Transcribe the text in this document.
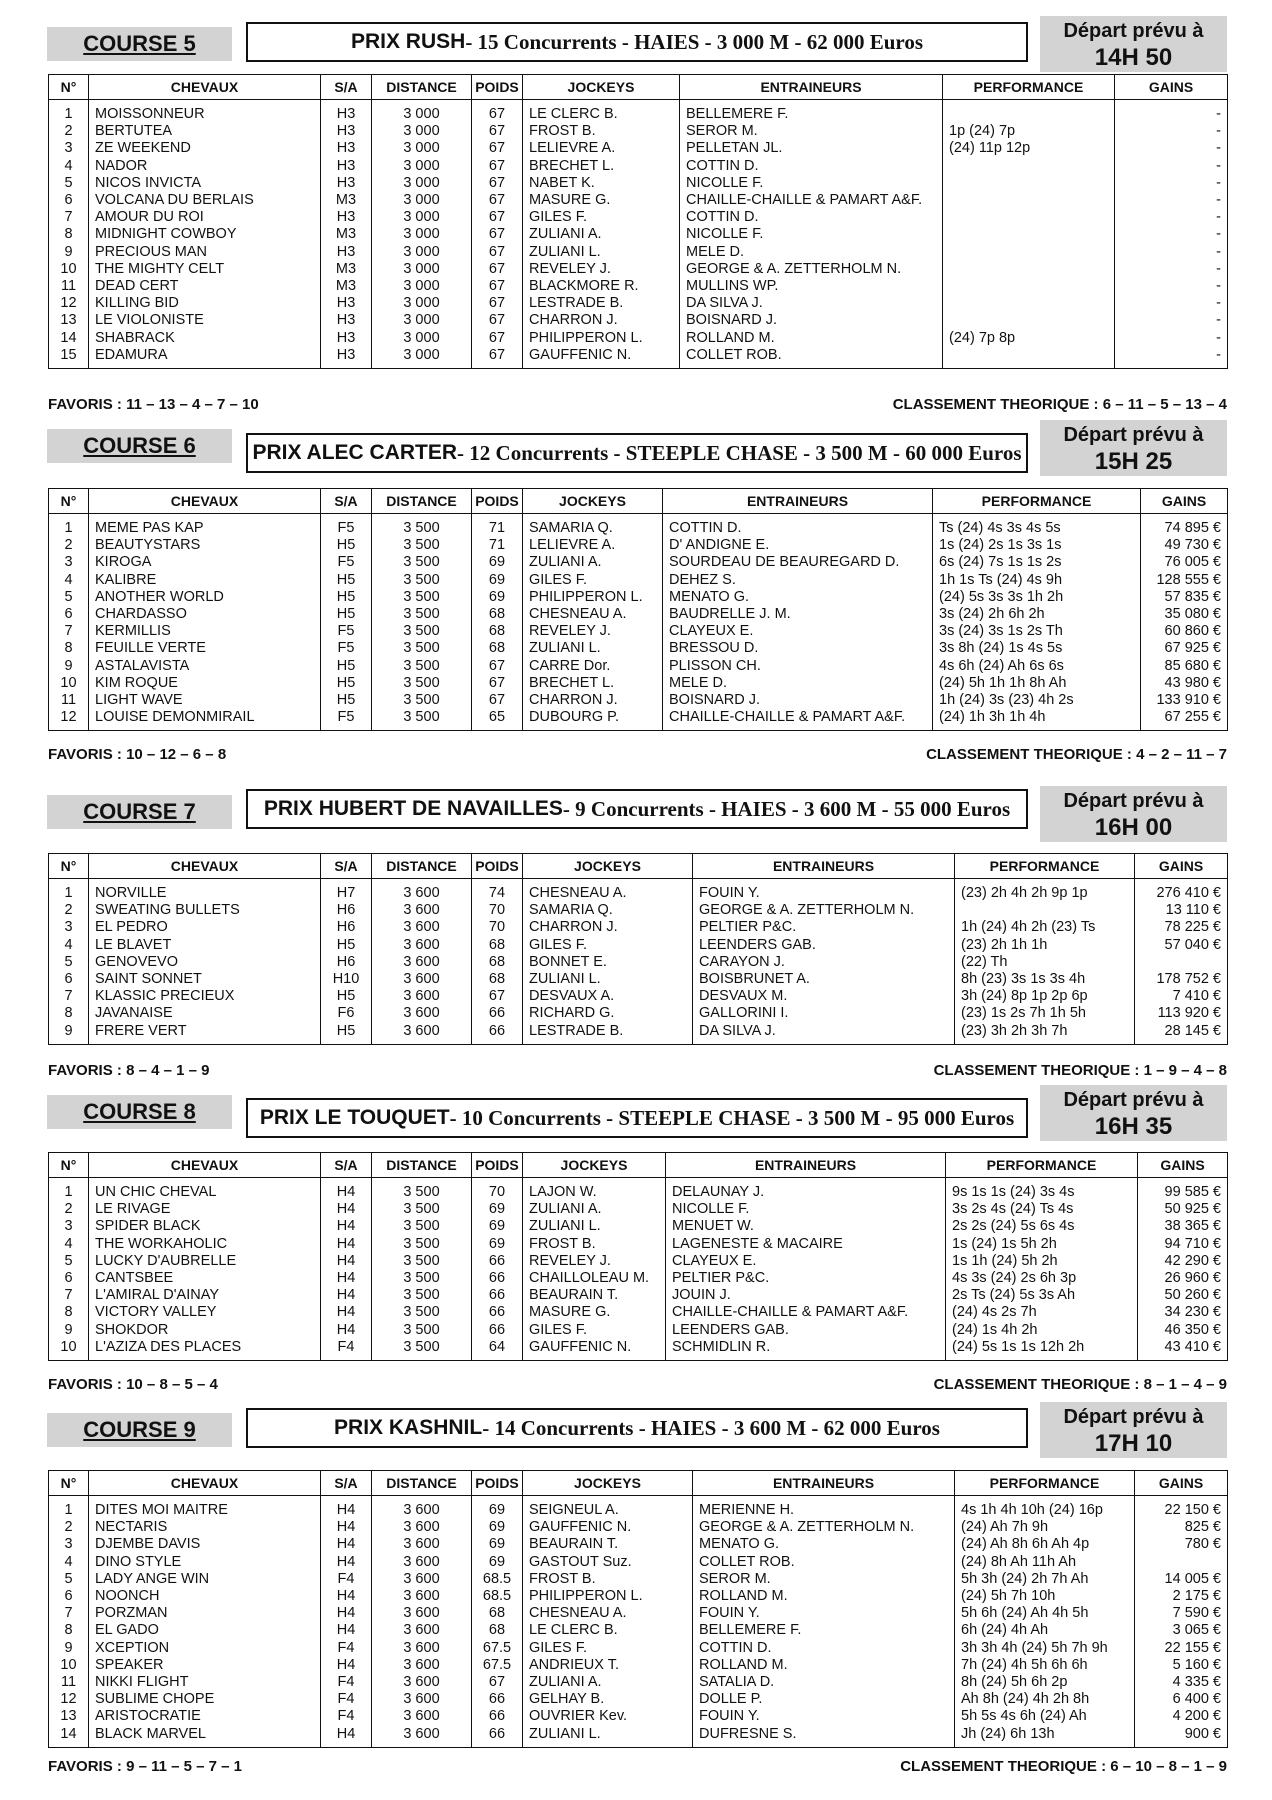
COURSE 5	PRIX RUSH - 15 Concurrents - HAIES - 3 000 M - 62 000 Euros	Départ prévu à
14H 50
N°	CHEVAUX	S/A	DISTANCE	POIDS	JOCKEYS	ENTRAINEURS	PERFORMANCE	GAINS

1	MOISSONNEUR	H3	3 000	67	LE CLERC B.	BELLEMERE F.		-
2	BERTUTEA	H3	3 000	67	FROST B.	SEROR M.	1p (24) 7p	-
3	ZE WEEKEND	H3	3 000	67	LELIEVRE A.	PELLETAN JL.	(24) 11p 12p	-
4	NADOR	H3	3 000	67	BRECHET L.	COTTIN D.		-
5	NICOS INVICTA	H3	3 000	67	NABET K.	NICOLLE F.		-
6	VOLCANA DU BERLAIS	M3	3 000	67	MASURE G.	CHAILLE-CHAILLE & PAMART A&F.		-
7	AMOUR DU ROI	H3	3 000	67	GILES F.	COTTIN D.		-
8	MIDNIGHT COWBOY	M3	3 000	67	ZULIANI A.	NICOLLE F.		-
9	PRECIOUS MAN	H3	3 000	67	ZULIANI L.	MELE D.		-
10	THE MIGHTY CELT	M3	3 000	67	REVELEY J.	GEORGE & A. ZETTERHOLM N.		-
11	DEAD CERT	M3	3 000	67	BLACKMORE R.	MULLINS WP.		-
12	KILLING BID	H3	3 000	67	LESTRADE B.	DA SILVA J.		-
13	LE VIOLONISTE	H3	3 000	67	CHARRON J.	BOISNARD J.		-
14	SHABRACK	H3	3 000	67	PHILIPPERON L.	ROLLAND M.	(24) 7p 8p	-
15	EDAMURA	H3	3 000	67	GAUFFENIC N.	COLLET ROB.		-

FAVORIS : 11 – 13 – 4 – 7 – 10	CLASSEMENT THEORIQUE : 6 – 11 – 5 – 13 – 4
COURSE 6	PRIX ALEC CARTER - 12 Concurrents - STEEPLE CHASE - 3 500 M - 60 000 Euros
Départ prévu à
15H 25
N°	CHEVAUX	S/A	DISTANCE	POIDS	JOCKEYS	ENTRAINEURS	PERFORMANCE	GAINS

1	MEME PAS KAP	F5	3 500	71	SAMARIA Q.	COTTIN D.	Ts (24) 4s 3s 4s 5s	74 895 €
2	BEAUTYSTARS	H5	3 500	71	LELIEVRE A.	D' ANDIGNE E.	1s (24) 2s 1s 3s 1s	49 730 €
3	KIROGA	F5	3 500	69	ZULIANI A.	SOURDEAU DE BEAUREGARD D.	6s (24) 7s 1s 1s 2s	76 005 €
4	KALIBRE	H5	3 500	69	GILES F.	DEHEZ S.	1h 1s Ts (24) 4s 9h	128 555 €
5	ANOTHER WORLD	H5	3 500	69	PHILIPPERON L.	MENATO G.	(24) 5s 3s 3s 1h 2h	57 835 €
6	CHARDASSO	H5	3 500	68	CHESNEAU A.	BAUDRELLE J. M.	3s (24) 2h 6h 2h	35 080 €
7	KERMILLIS	F5	3 500	68	REVELEY J.	CLAYEUX E.	3s (24) 3s 1s 2s Th	60 860 €
8	FEUILLE VERTE	F5	3 500	68	ZULIANI L.	BRESSOU D.	3s 8h (24) 1s 4s 5s	67 925 €
9	ASTALAVISTA	H5	3 500	67	CARRE Dor.	PLISSON CH.	4s 6h (24) Ah 6s 6s	85 680 €
10	KIM ROQUE	H5	3 500	67	BRECHET L.	MELE D.	(24) 5h 1h 1h 8h Ah	43 980 €
11	LIGHT WAVE	H5	3 500	67	CHARRON J.	BOISNARD J.	1h (24) 3s (23) 4h 2s	133 910 €
12	LOUISE DEMONMIRAIL	F5	3 500	65	DUBOURG P.	CHAILLE-CHAILLE & PAMART A&F.	(24) 1h 3h 1h 4h	67 255 €

FAVORIS : 10 – 12 – 6 – 8	CLASSEMENT THEORIQUE : 4 – 2 – 11 – 7
COURSE 7	PRIX HUBERT DE NAVAILLES - 9 Concurrents - HAIES - 3 600 M - 55 000 Euros	Départ prévu à
16H 00
N°	CHEVAUX	S/A	DISTANCE	POIDS	JOCKEYS	ENTRAINEURS	PERFORMANCE	GAINS

1	NORVILLE	H7	3 600	74	CHESNEAU A.	FOUIN Y.	(23) 2h 4h 2h 9p 1p	276 410 €
2	SWEATING BULLETS	H6	3 600	70	SAMARIA Q.	GEORGE & A. ZETTERHOLM N.		13 110 €
3	EL PEDRO	H6	3 600	70	CHARRON J.	PELTIER P&C.	1h (24) 4h 2h (23) Ts	78 225 €
4	LE BLAVET	H5	3 600	68	GILES F.	LEENDERS GAB.	(23) 2h 1h 1h	57 040 €
5	GENOVEVO	H6	3 600	68	BONNET E.	CARAYON J.	(22) Th	
6	SAINT SONNET	H10	3 600	68	ZULIANI L.	BOISBRUNET A.	8h (23) 3s 1s 3s 4h	178 752 €
7	KLASSIC PRECIEUX	H5	3 600	67	DESVAUX A.	DESVAUX M.	3h (24) 8p 1p 2p 6p	7 410 €
8	JAVANAISE	F6	3 600	66	RICHARD G.	GALLORINI I.	(23) 1s 2s 7h 1h 5h	113 920 €
9	FRERE VERT	H5	3 600	66	LESTRADE B.	DA SILVA J.	(23) 3h 2h 3h 7h	28 145 €

FAVORIS : 8 – 4 – 1 – 9	CLASSEMENT THEORIQUE : 1 – 9 – 4 – 8
COURSE 8	PRIX LE TOUQUET - 10 Concurrents - STEEPLE CHASE - 3 500 M - 95 000 Euros
Départ prévu à
16H 35
N°	CHEVAUX	S/A	DISTANCE	POIDS	JOCKEYS	ENTRAINEURS	PERFORMANCE	GAINS

1	UN CHIC CHEVAL	H4	3 500	70	LAJON W.	DELAUNAY J.	9s 1s 1s (24) 3s 4s	99 585 €
2	LE RIVAGE	H4	3 500	69	ZULIANI A.	NICOLLE F.	3s 2s 4s (24) Ts 4s	50 925 €
3	SPIDER BLACK	H4	3 500	69	ZULIANI L.	MENUET W.	2s 2s (24) 5s 6s 4s	38 365 €
4	THE WORKAHOLIC	H4	3 500	69	FROST B.	LAGENESTE & MACAIRE	1s (24) 1s 5h 2h	94 710 €
5	LUCKY D'AUBRELLE	H4	3 500	66	REVELEY J.	CLAYEUX E.	1s 1h (24) 5h 2h	42 290 €
6	CANTSBEE	H4	3 500	66	CHAILLOLEAU M.	PELTIER P&C.	4s 3s (24) 2s 6h 3p	26 960 €
7	L'AMIRAL D'AINAY	H4	3 500	66	BEAURAIN T.	JOUIN J.	2s Ts (24) 5s 3s Ah	50 260 €
8	VICTORY VALLEY	H4	3 500	66	MASURE G.	CHAILLE-CHAILLE & PAMART A&F.	(24) 4s 2s 7h	34 230 €
9	SHOKDOR	H4	3 500	66	GILES F.	LEENDERS GAB.	(24) 1s 4h 2h	46 350 €
10	L'AZIZA DES PLACES	F4	3 500	64	GAUFFENIC N.	SCHMIDLIN R.	(24) 5s 1s 1s 12h 2h	43 410 €

FAVORIS : 10 – 8 – 5 – 4	CLASSEMENT THEORIQUE : 8 – 1 – 4 – 9
COURSE 9	PRIX KASHNIL - 14 Concurrents - HAIES - 3 600 M - 62 000 Euros	Départ prévu à
17H 10
N°	CHEVAUX	S/A	DISTANCE	POIDS	JOCKEYS	ENTRAINEURS	PERFORMANCE	GAINS

1	DITES MOI MAITRE	H4	3 600	69	SEIGNEUL A.	MERIENNE H.	4s 1h 4h 10h (24) 16p	22 150 €
2	NECTARIS	H4	3 600	69	GAUFFENIC N.	GEORGE & A. ZETTERHOLM N.	(24) Ah 7h 9h	825 €
3	DJEMBE DAVIS	H4	3 600	69	BEAURAIN T.	MENATO G.	(24) Ah 8h 6h Ah 4p	780 €
4	DINO STYLE	H4	3 600	69	GASTOUT Suz.	COLLET ROB.	(24) 8h Ah 11h Ah	
5	LADY ANGE WIN	F4	3 600	68.5	FROST B.	SEROR M.	5h 3h (24) 2h 7h Ah	14 005 €
6	NOONCH	H4	3 600	68.5	PHILIPPERON L.	ROLLAND M.	(24) 5h 7h 10h	2 175 €
7	PORZMAN	H4	3 600	68	CHESNEAU A.	FOUIN Y.	5h 6h (24) Ah 4h 5h	7 590 €
8	EL GADO	H4	3 600	68	LE CLERC B.	BELLEMERE F.	6h (24) 4h Ah	3 065 €
9	XCEPTION	F4	3 600	67.5	GILES F.	COTTIN D.	3h 3h 4h (24) 5h 7h 9h	22 155 €
10	SPEAKER	H4	3 600	67.5	ANDRIEUX T.	ROLLAND M.	7h (24) 4h 5h 6h 6h	5 160 €
11	NIKKI FLIGHT	F4	3 600	67	ZULIANI A.	SATALIA D.	8h (24) 5h 6h 2p	4 335 €
12	SUBLIME CHOPE	F4	3 600	66	GELHAY B.	DOLLE P.	Ah 8h (24) 4h 2h 8h	6 400 €
13	ARISTOCRATIE	F4	3 600	66	OUVRIER Kev.	FOUIN Y.	5h 5s 4s 6h (24) Ah	4 200 €
14	BLACK MARVEL	H4	3 600	66	ZULIANI L.	DUFRESNE S.	Jh (24) 6h 13h	900 €

FAVORIS : 9 – 11 – 5 – 7 – 1	CLASSEMENT THEORIQUE : 6 – 10 – 8 – 1 – 9
